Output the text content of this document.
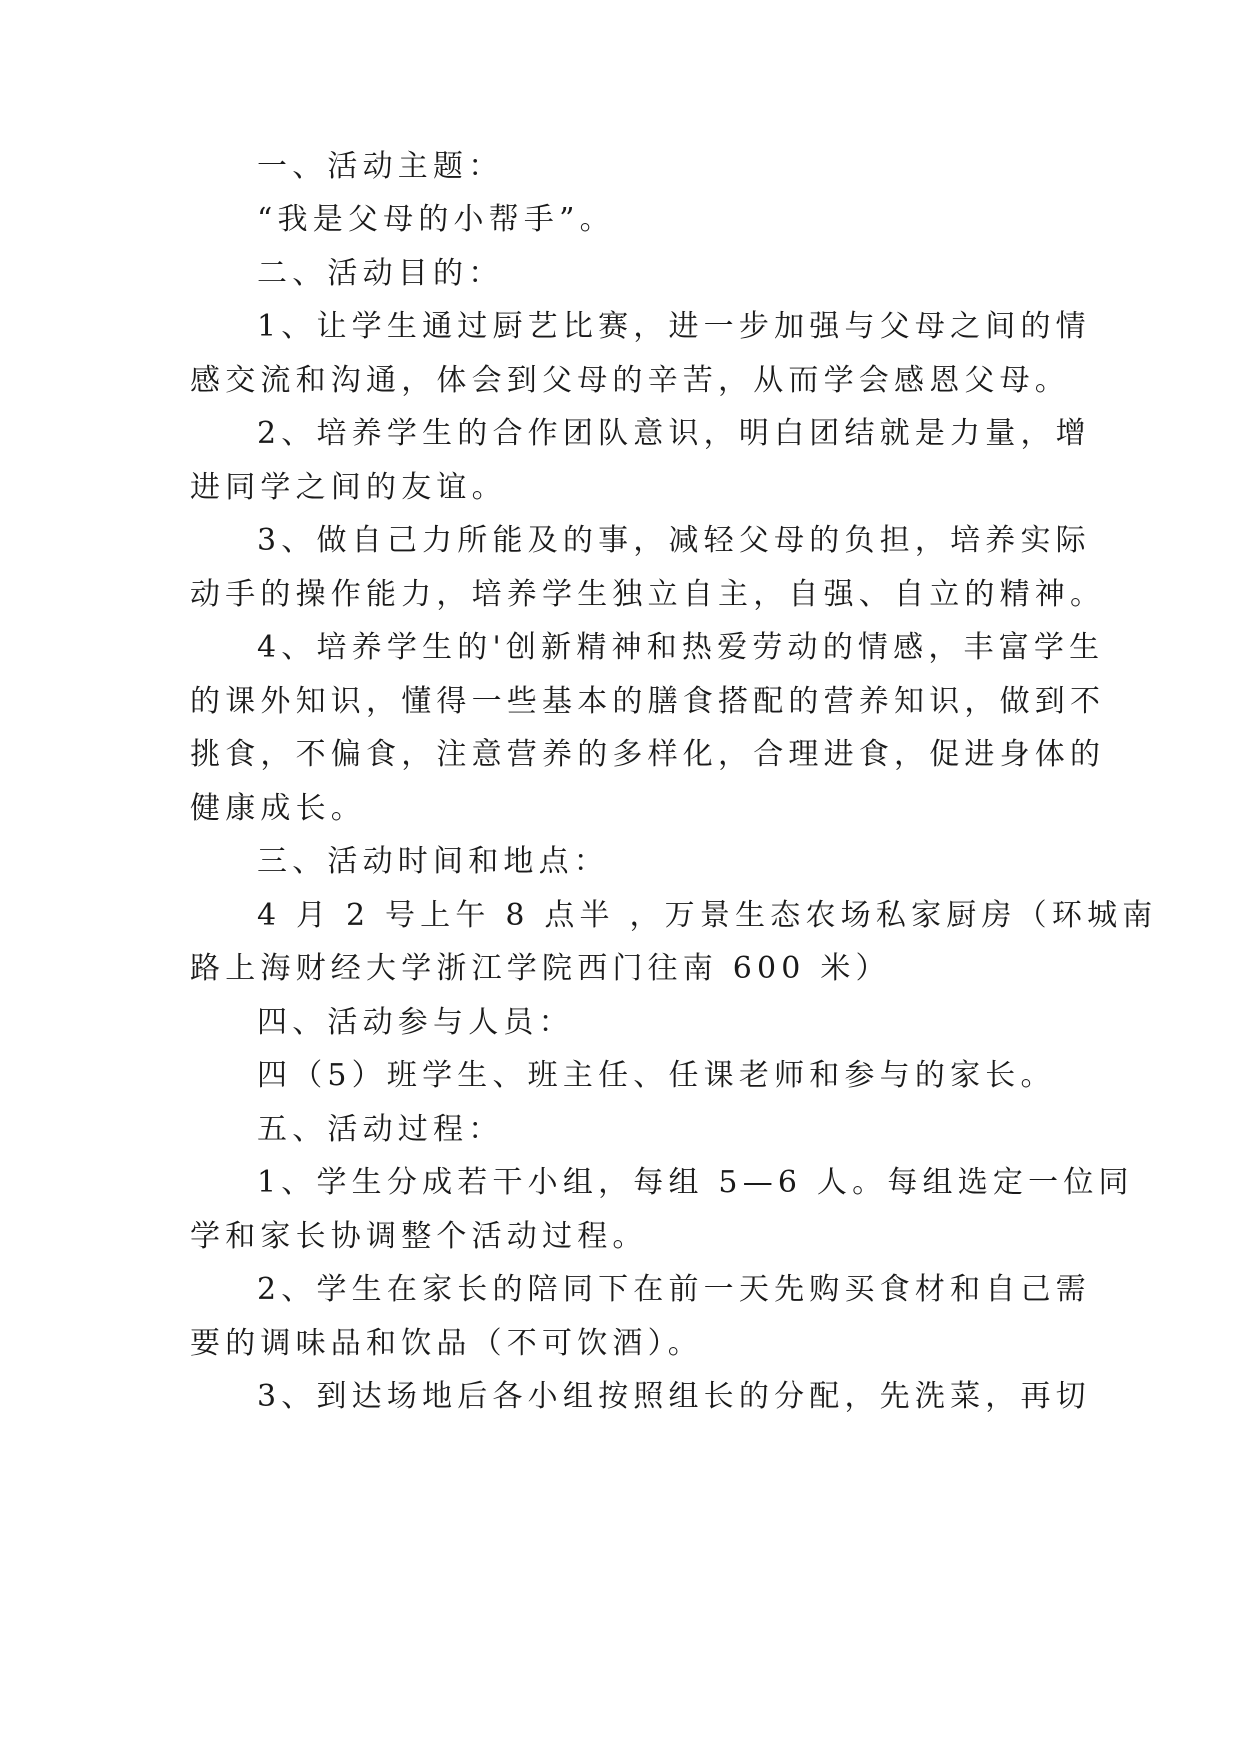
一、活动主题：

“我是父母的小帮手”。

二、活动目的：

1、让学生通过厨艺比赛，进一步加强与父母之间的情

感交流和沟通，体会到父母的辛苦，从而学会感恩父母。

2、培养学生的合作团队意识，明白团结就是力量，增

进同学之间的友谊。

3、做自己力所能及的事，减轻父母的负担，培养实际

动手的操作能力，培养学生独立自主，自强、自立的精神。

4、培养学生的'创新精神和热爱劳动的情感，丰富学生

的课外知识，懂得一些基本的膳食搭配的营养知识，做到不

挑食，不偏食，注意营养的多样化，合理进食，促进身体的

健康成长。

三、活动时间和地点：

4 月 2 号上午 8 点半 ，万景生态农场私家厨房（环城南

路上海财经大学浙江学院西门往南 600 米）

四、活动参与人员：

四（5）班学生、班主任、任课老师和参与的家长。

五、活动过程：

1、学生分成若干小组，每组 5—6 人。每组选定一位同

学和家长协调整个活动过程。

2、学生在家长的陪同下在前一天先购买食材和自己需

要的调味品和饮品（不可饮酒）。

3、到达场地后各小组按照组长的分配，先洗菜，再切
